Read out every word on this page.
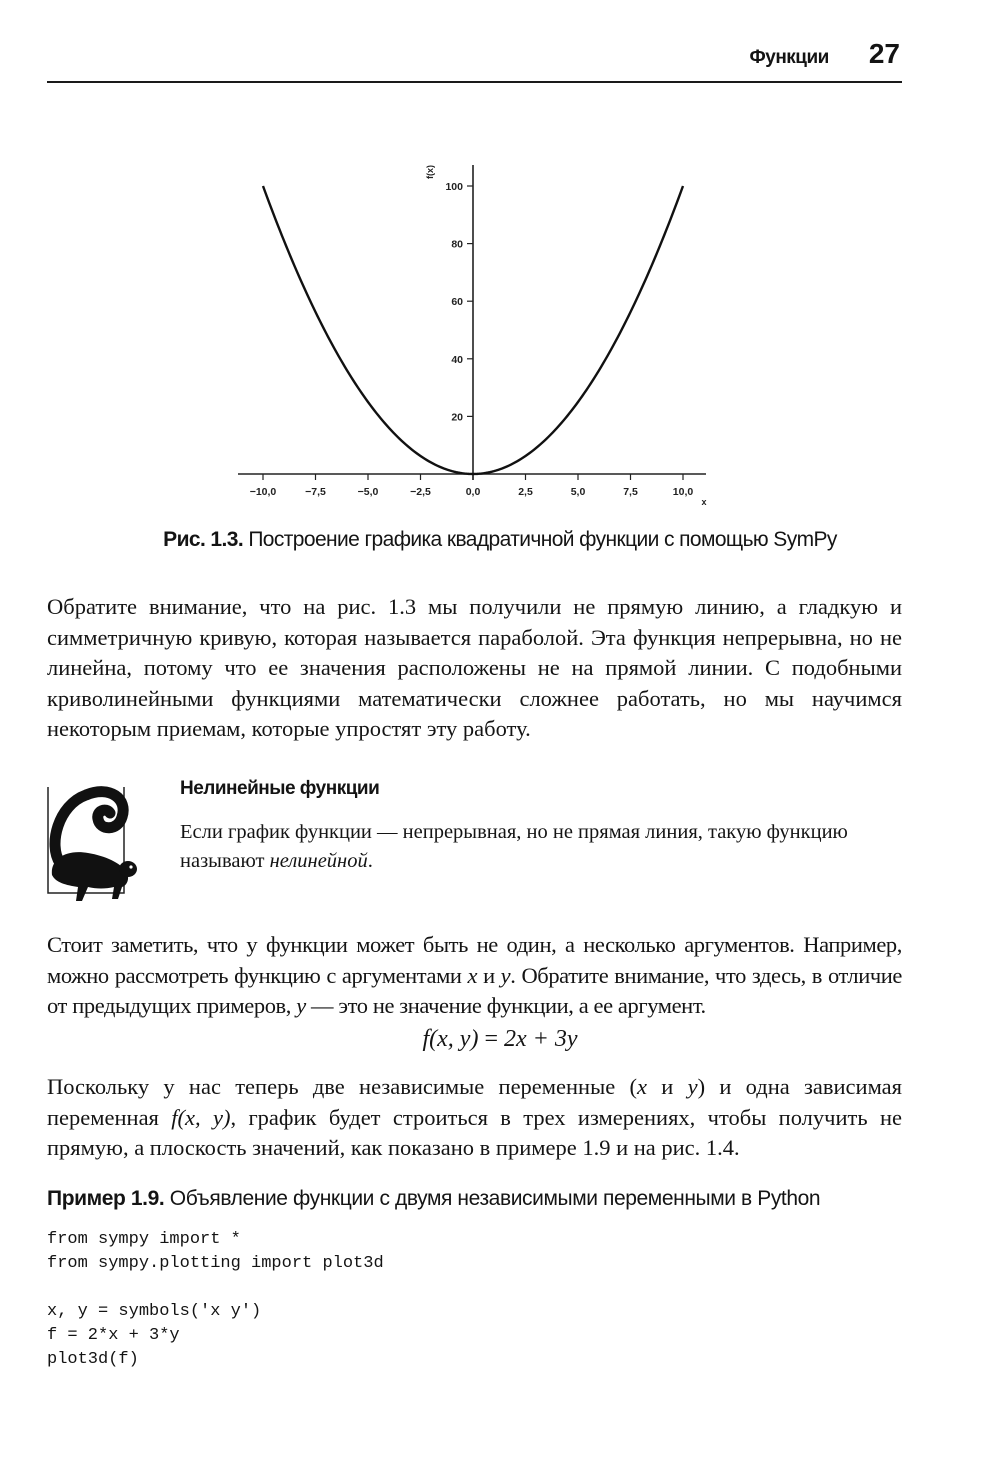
Функции 27
−10,0	−7,5	−5,0	−2,5	0,0	2,5	5,0	7,5	10,0
x
20
40
60
80
100
f(x)
Рис. 1.3. Построение графика квадратичной функции с помощью SymPy

Обратите внимание, что на рис. 1.3 мы получили не прямую линию, а гладкую и симметричную кривую, которая называется параболой. Эта функция непрерывна, но не линейна, потому что ее значения расположены не на прямой линии. С подобными криволинейными функциями математически сложнее работать, но мы научимся некоторым приемам, которые упростят эту работу.

Нелинейные функции

Если график функции — непрерывная, но не прямая линия, такую функцию называют нелинейной.

Стоит заметить, что у функции может быть не один, а несколько аргументов. Например, можно рассмотреть функцию с аргументами x и y. Обратите внимание, что здесь, в отличие от предыдущих примеров, y — это не значение функции, а ее аргумент.

f(x, y) = 2x + 3y

Поскольку у нас теперь две независимые переменные (x и y) и одна зависимая переменная f(x, y), график будет строиться в трех измерениях, чтобы получить не прямую, а плоскость значений, как показано в примере 1.9 и на рис. 1.4.

Пример 1.9. Объявление функции с двумя независимыми переменными в Python
from sympy import *
from sympy.plotting import plot3d
x, y = symbols('x y')
f = 2*x + 3*y
plot3d(f)
